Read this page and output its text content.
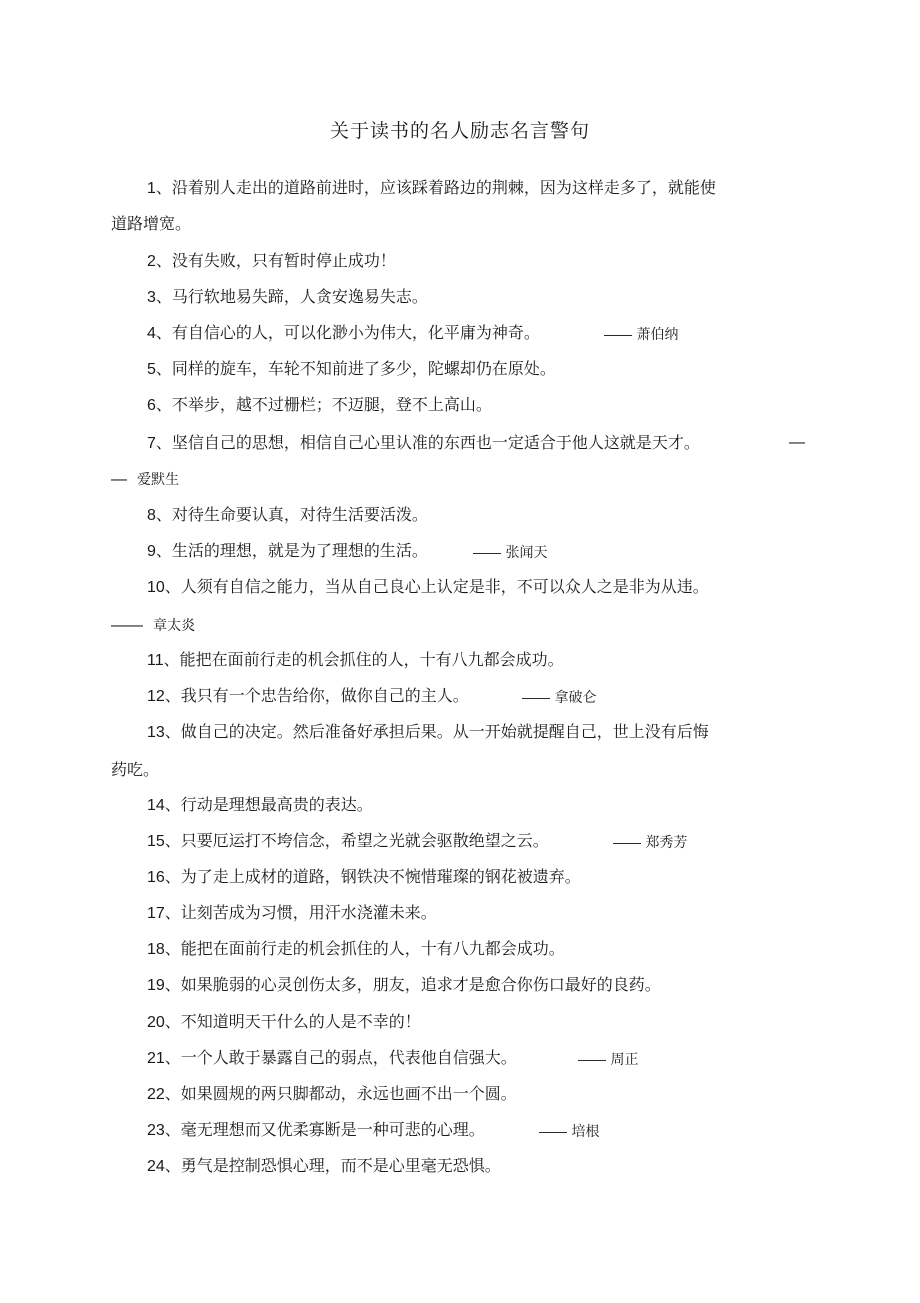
关于读书的名人励志名言警句
1、沿着别人走出的道路前进时，应该踩着路边的荆棘，因为这样走多了，就能使
道路增宽。
2、没有失败，只有暂时停止成功！
3、马行软地易失蹄，人贪安逸易失志。
4、有自信心的人，可以化渺小为伟大，化平庸为神奇。	—— 萧伯纳
5、同样的旋车，车轮不知前进了多少，陀螺却仍在原处。
6、不举步，越不过栅栏；不迈腿，登不上高山。
7、坚信自己的思想，相信自己心里认准的东西也一定适合于他人这就是天才。	—
— 爱默生
8、对待生命要认真，对待生活要活泼。
9、生活的理想，就是为了理想的生活。	—— 张闻天
10、人须有自信之能力，当从自己良心上认定是非，不可以众人之是非为从违。
—— 章太炎
11、能把在面前行走的机会抓住的人，十有八九都会成功。
12、我只有一个忠告给你，做你自己的主人。	—— 拿破仑
13、做自己的决定。然后准备好承担后果。从一开始就提醒自己，世上没有后悔
药吃。
14、行动是理想最高贵的表达。
15、只要厄运打不垮信念，希望之光就会驱散绝望之云。	—— 郑秀芳
16、为了走上成材的道路，钢铁决不惋惜璀璨的钢花被遗弃。
17、让刻苦成为习惯，用汗水浇灌未来。
18、能把在面前行走的机会抓住的人，十有八九都会成功。
19、如果脆弱的心灵创伤太多，朋友，追求才是愈合你伤口最好的良药。
20、不知道明天干什么的人是不幸的！
21、一个人敢于暴露自己的弱点，代表他自信强大。	—— 周正
22、如果圆规的两只脚都动，永远也画不出一个圆。
23、毫无理想而又优柔寡断是一种可悲的心理。	—— 培根
24、勇气是控制恐惧心理，而不是心里毫无恐惧。
